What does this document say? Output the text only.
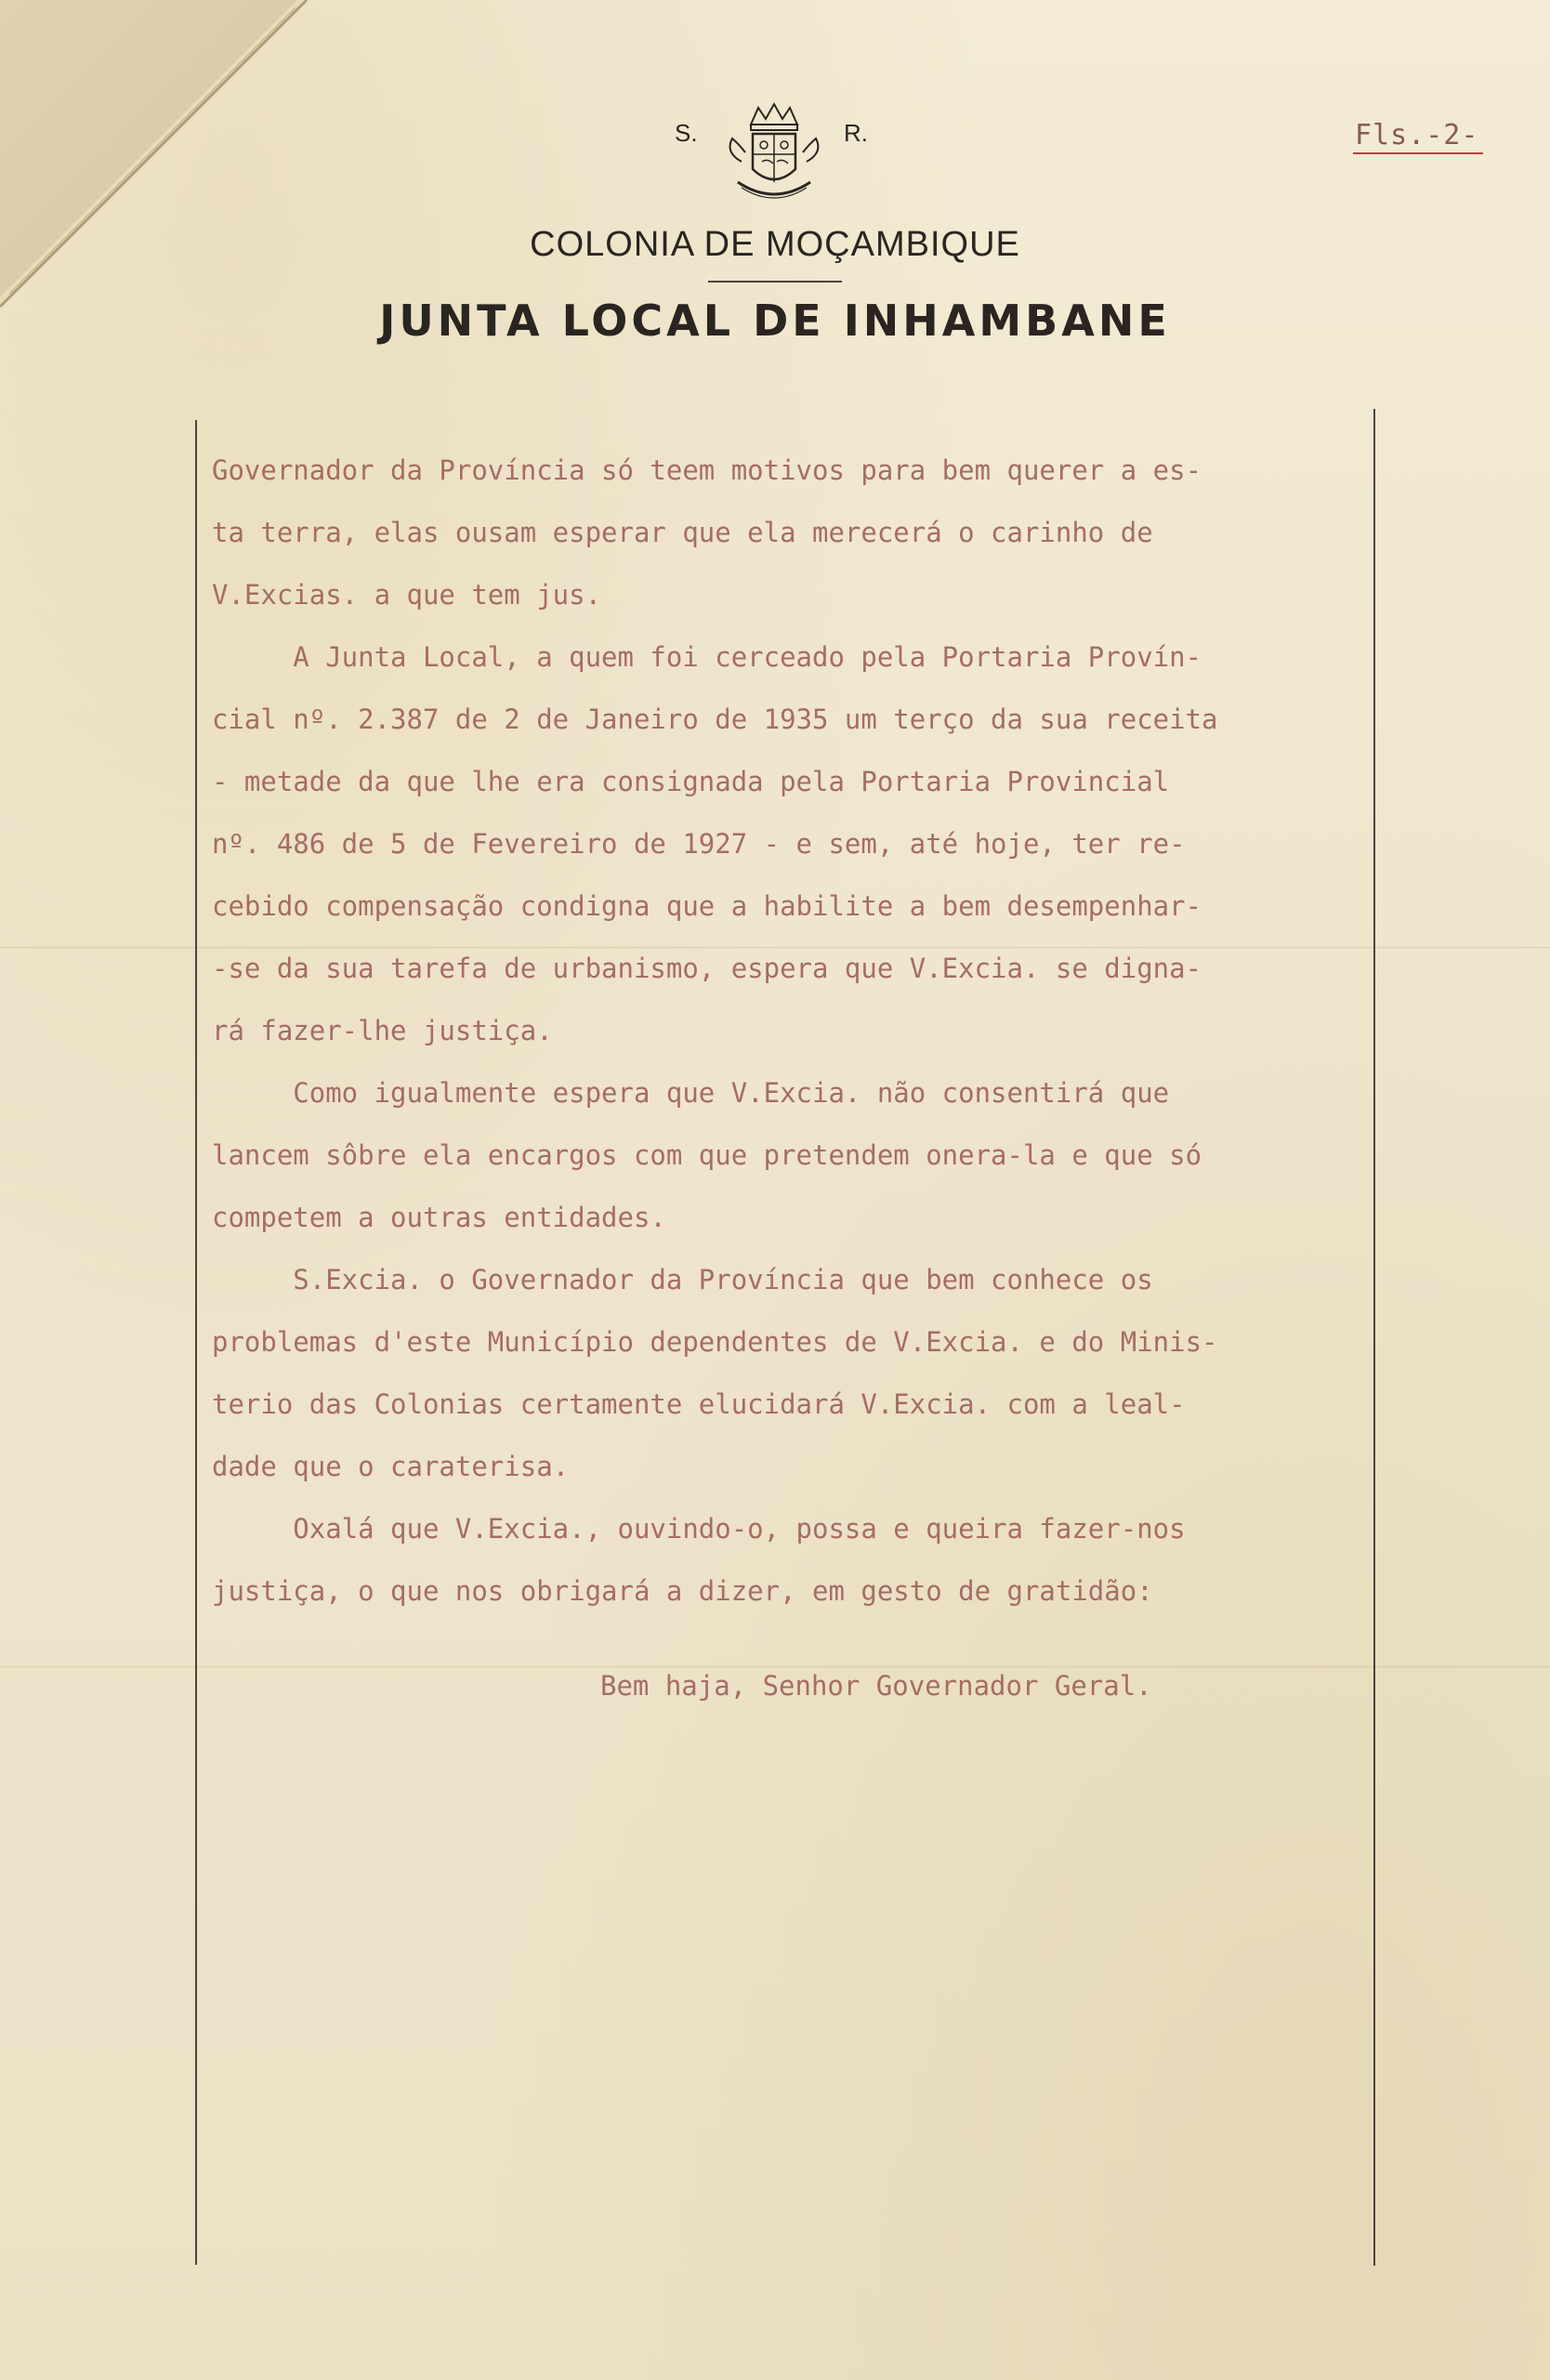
S.	R.	Fls.-2-
COLONIA DE MOÇAMBIQUE
JUNTA LOCAL DE INHAMBANE
Governador da Província só teem motivos para bem querer a es-
ta terra, elas ousam esperar que ela merecerá o carinho de
V.Excias. a que tem jus.
A Junta Local, a quem foi cerceado pela Portaria Provín-
cial nº. 2.387 de 2 de Janeiro de 1935 um terço da sua receita
- metade da que lhe era consignada pela Portaria Provincial
nº. 486 de 5 de Fevereiro de 1927 - e sem, até hoje, ter re-
cebido compensação condigna que a habilite a bem desempenhar-
-se da sua tarefa de urbanismo, espera que V.Excia. se digna-
rá fazer-lhe justiça.
Como igualmente espera que V.Excia. não consentirá que
lancem sôbre ela encargos com que pretendem onera-la e que só
competem a outras entidades.
S.Excia. o Governador da Província que bem conhece os
problemas d'este Município dependentes de V.Excia. e do Minis-
terio das Colonias certamente elucidará V.Excia. com a leal-
dade que o caraterisa.
Oxalá que V.Excia., ouvindo-o, possa e queira fazer-nos
justiça, o que nos obrigará a dizer, em gesto de gratidão:
Bem haja, Senhor Governador Geral.
